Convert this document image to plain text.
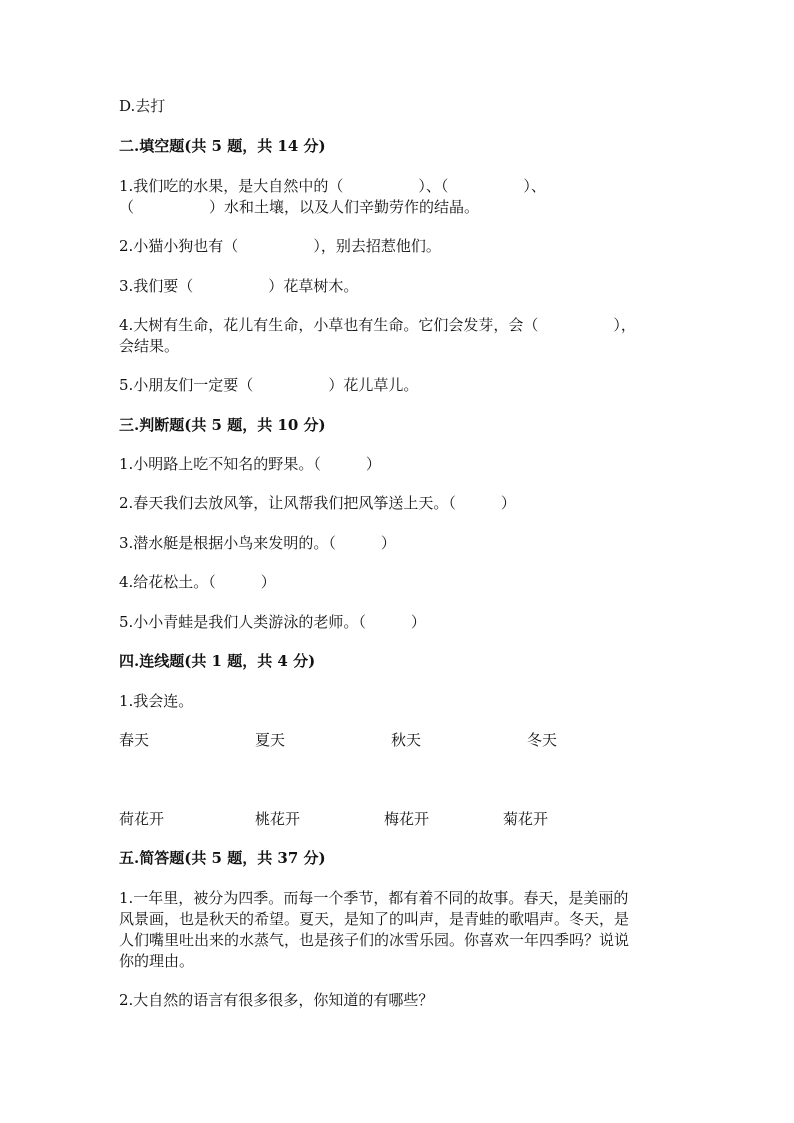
D.去打

二.填空题(共 5 题，共 14 分)

1.我们吃的水果，是大自然中的（　　　　　）、（　　　　　）、

（　　　　　）水和土壤，以及人们辛勤劳作的结晶。

2.小猫小狗也有（　　　　　），别去招惹他们。

3.我们要（　　　　　）花草树木。

4.大树有生命，花儿有生命，小草也有生命。它们会发芽，会（　　　　　），

会结果。

5.小朋友们一定要（　　　　　）花儿草儿。

三.判断题(共 5 题，共 10 分)

1.小明路上吃不知名的野果。（　　　）

2.春天我们去放风筝，让风帮我们把风筝送上天。（　　　）

3.潜水艇是根据小鸟来发明的。（　　　）

4.给花松土。（　　　）

5.小小青蛙是我们人类游泳的老师。（　　　）

四.连线题(共 1 题，共 4 分)

1.我会连。

春天	夏天	秋天	冬天
荷花开	桃花开	梅花开	菊花开

五.简答题(共 5 题，共 37 分)

1.一年里，被分为四季。而每一个季节，都有着不同的故事。春天，是美丽的

风景画，也是秋天的希望。夏天，是知了的叫声，是青蛙的歌唱声。冬天，是

人们嘴里吐出来的水蒸气，也是孩子们的冰雪乐园。你喜欢一年四季吗？说说

你的理由。

2.大自然的语言有很多很多，你知道的有哪些？
